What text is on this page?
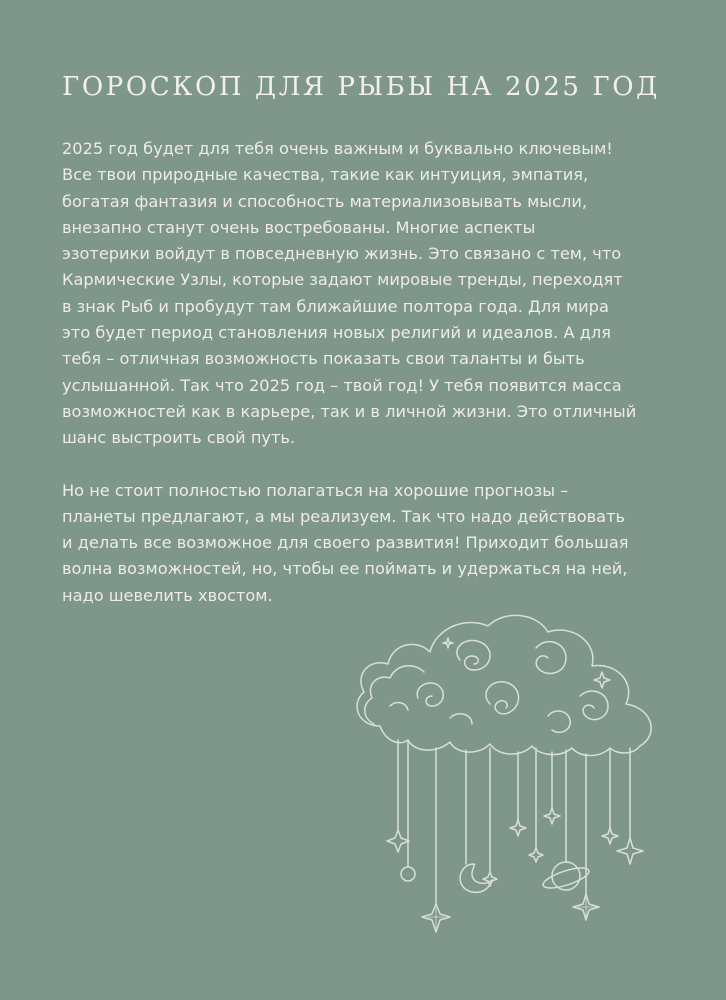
ГОРОСКОП ДЛЯ РЫБЫ НА 2025 ГОД

2025 год будет для тебя очень важным и буквально ключевым!
Все твои природные качества, такие как интуиция, эмпатия,
богатая фантазия и способность материализовывать мысли,
внезапно станут очень востребованы. Многие аспекты
эзотерики войдут в повседневную жизнь. Это связано с тем, что
Кармические Узлы, которые задают мировые тренды, переходят
в знак Рыб и пробудут там ближайшие полтора года. Для мира
это будет период становления новых религий и идеалов. А для
тебя – отличная возможность показать свои таланты и быть
услышанной. Так что 2025 год – твой год! У тебя появится масса
возможностей как в карьере, так и в личной жизни. Это отличный
шанс выстроить свой путь.

Но не стоит полностью полагаться на хорошие прогнозы –
планеты предлагают, а мы реализуем. Так что надо действовать
и делать все возможное для своего развития! Приходит большая
волна возможностей, но, чтобы ее поймать и удержаться на ней,
надо шевелить хвостом.
